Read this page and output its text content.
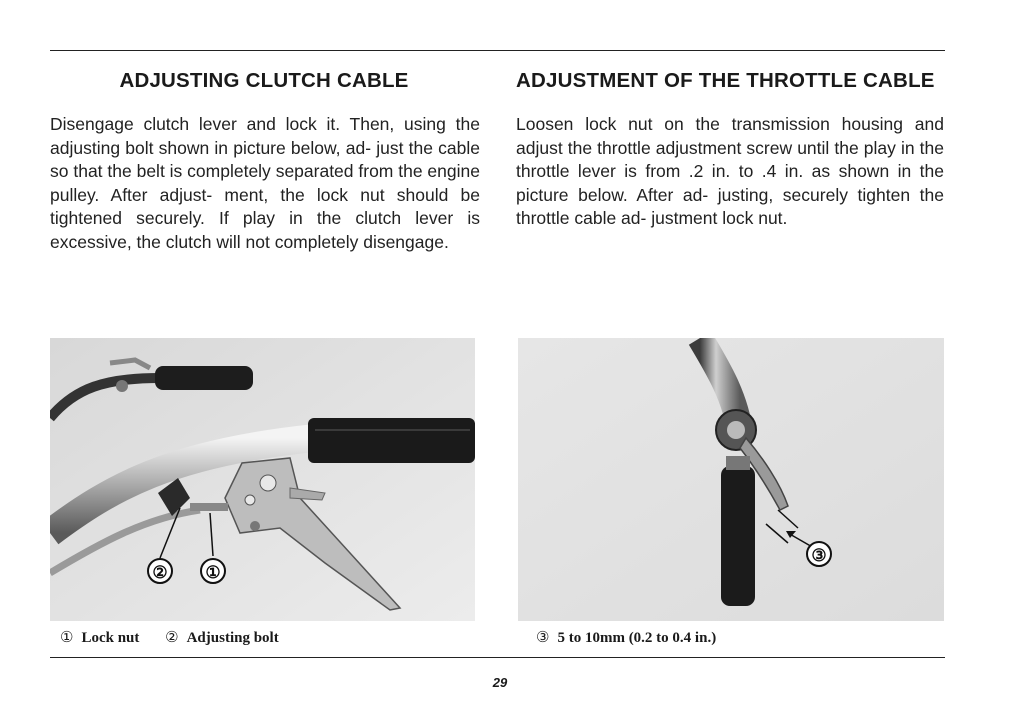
ADJUSTING CLUTCH CABLE

Disengage clutch lever and lock it. Then, using the adjusting bolt shown in picture below, ad- just the cable so that the belt is completely separated from the engine pulley. After adjust- ment, the lock nut should be tightened securely. If play in the clutch lever is excessive, the clutch will not completely disengage.

② ①

① Lock nut ② Adjusting bolt

ADJUSTMENT OF THE THROTTLE CABLE

Loosen lock nut on the transmission housing and adjust the throttle adjustment screw until the play in the throttle lever is from .2 in. to .4 in. as shown in the picture below. After ad- justing, securely tighten the throttle cable ad- justment lock nut.

③

③ 5 to 10mm (0.2 to 0.4 in.)

29
